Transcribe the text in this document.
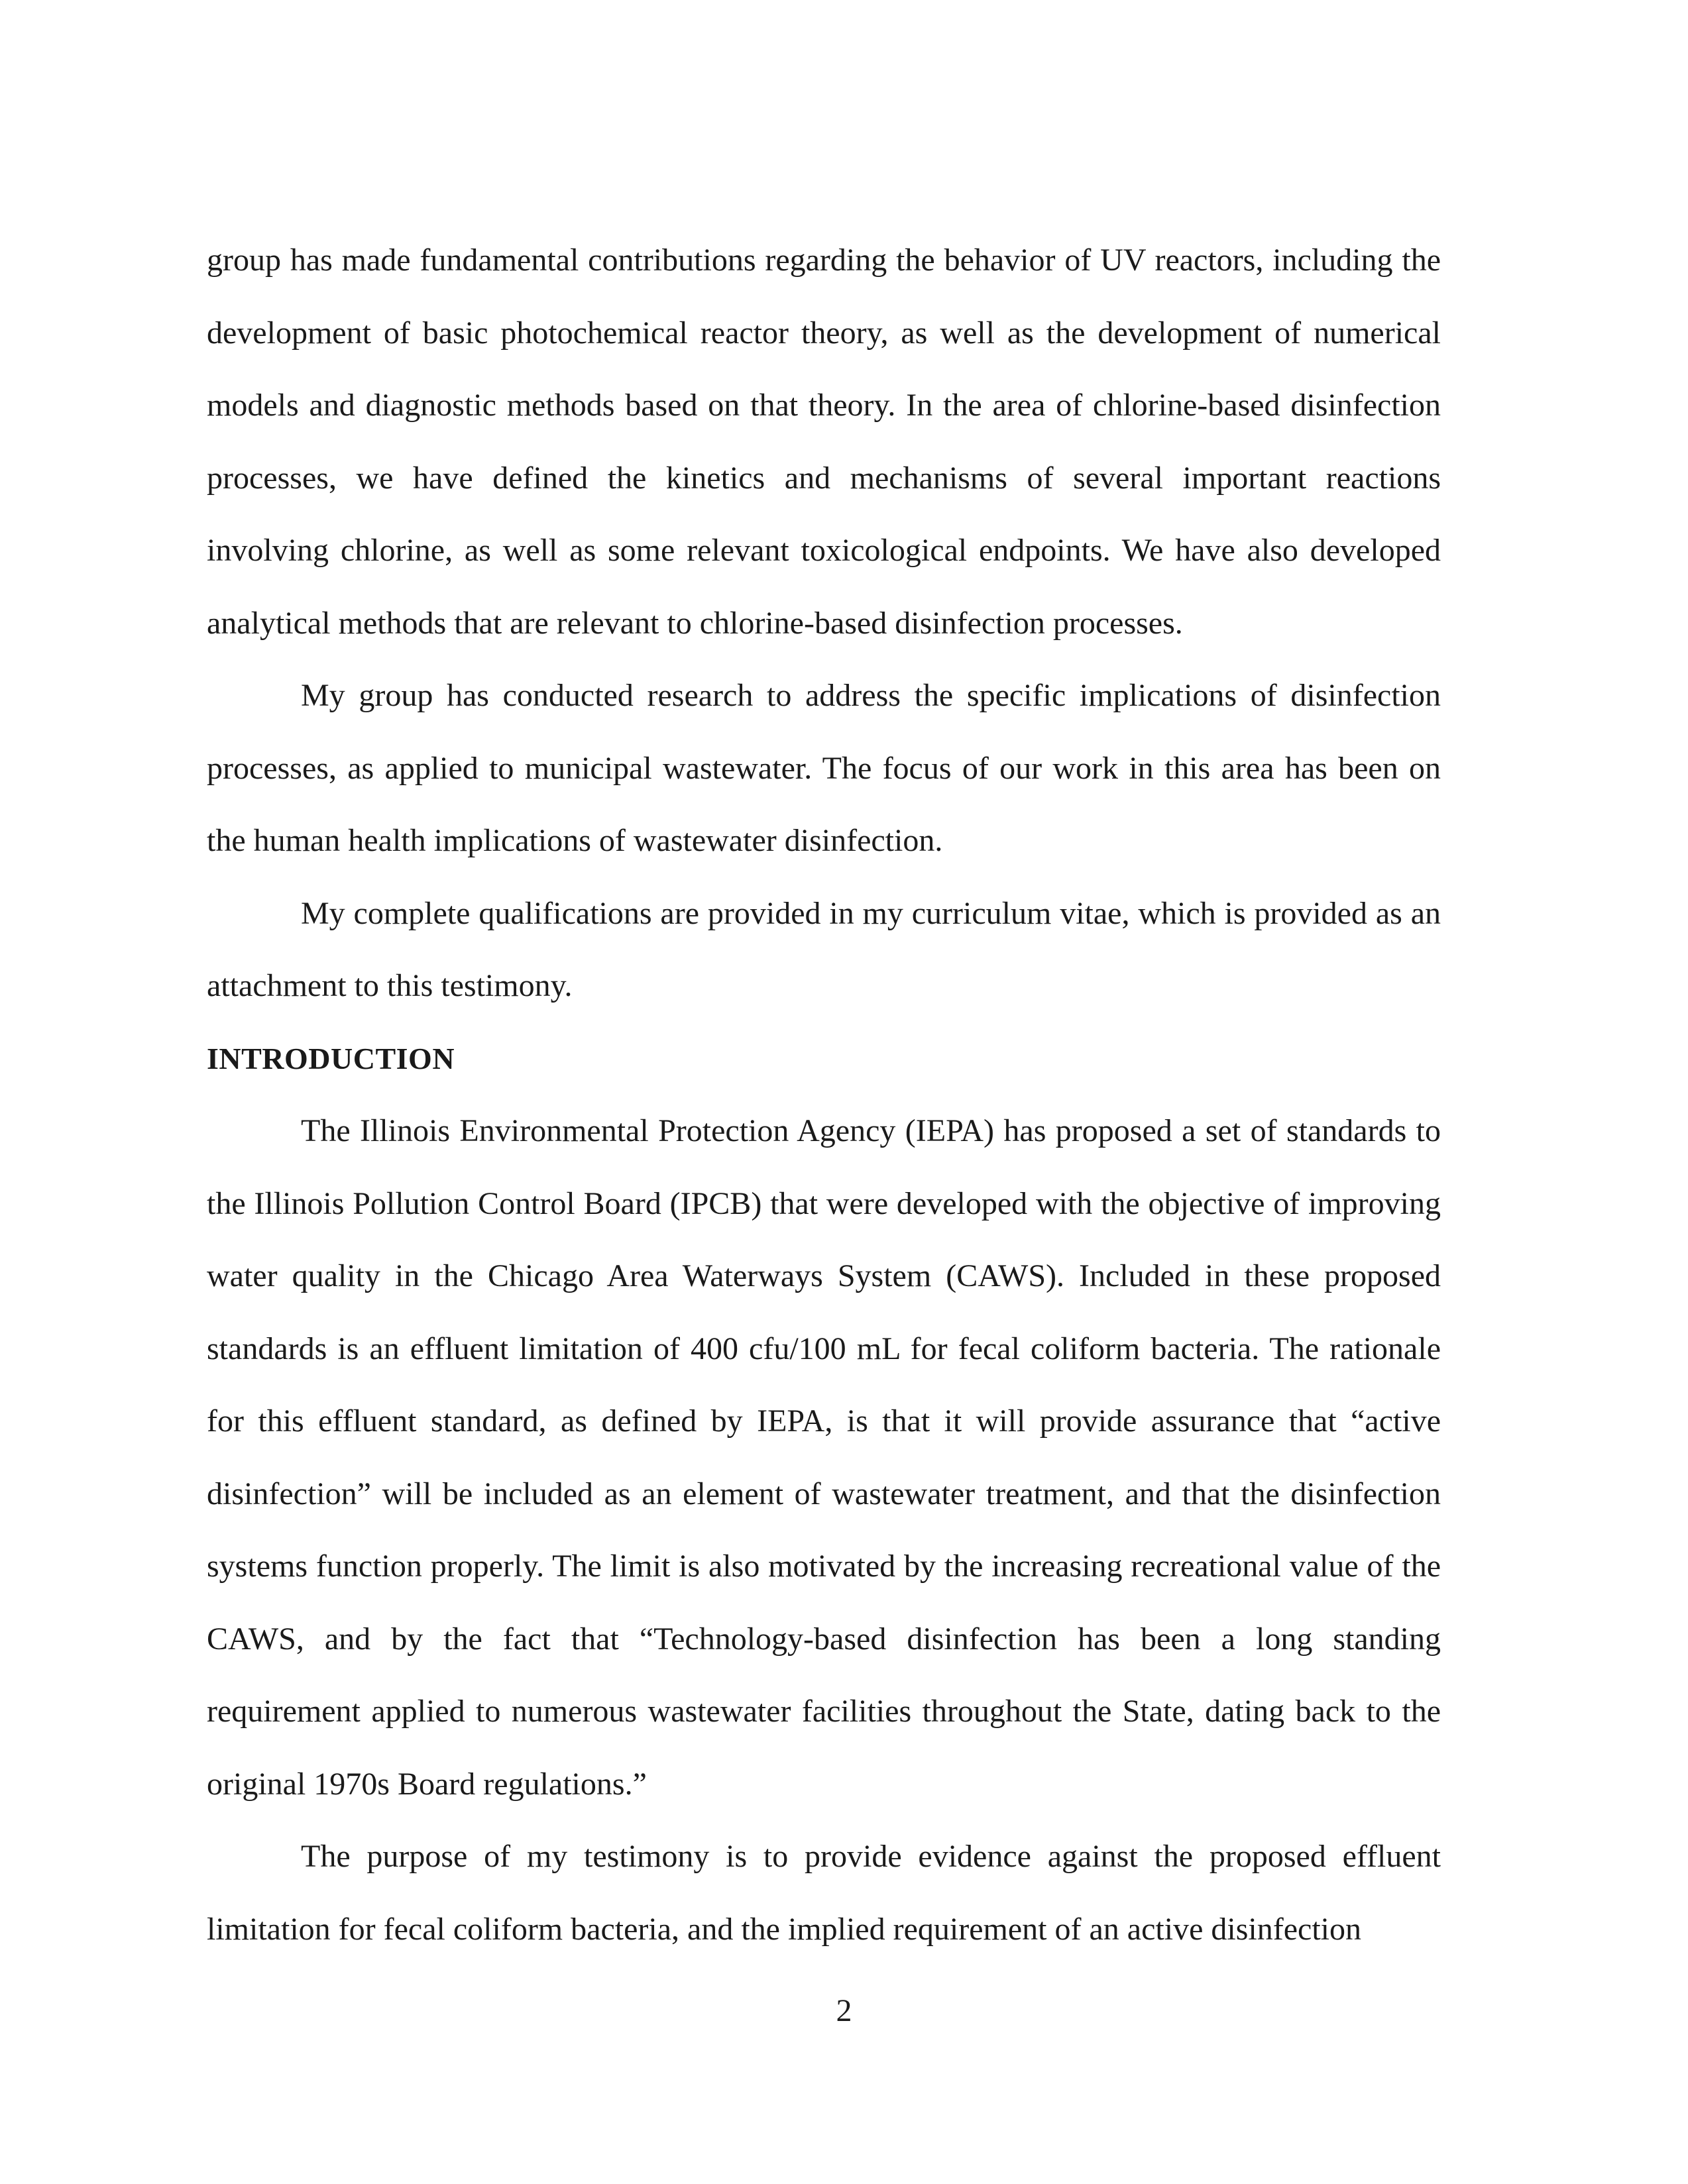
group has made fundamental contributions regarding the behavior of UV reactors, including the development of basic photochemical reactor theory, as well as the development of numerical models and diagnostic methods based on that theory. In the area of chlorine-based disinfection processes, we have defined the kinetics and mechanisms of several important reactions involving chlorine, as well as some relevant toxicological endpoints. We have also developed analytical methods that are relevant to chlorine-based disinfection processes.

My group has conducted research to address the specific implications of disinfection processes, as applied to municipal wastewater. The focus of our work in this area has been on the human health implications of wastewater disinfection.

My complete qualifications are provided in my curriculum vitae, which is provided as an attachment to this testimony.

INTRODUCTION

The Illinois Environmental Protection Agency (IEPA) has proposed a set of standards to the Illinois Pollution Control Board (IPCB) that were developed with the objective of improving water quality in the Chicago Area Waterways System (CAWS). Included in these proposed standards is an effluent limitation of 400 cfu/100 mL for fecal coliform bacteria. The rationale for this effluent standard, as defined by IEPA, is that it will provide assurance that “active disinfection” will be included as an element of wastewater treatment, and that the disinfection systems function properly. The limit is also motivated by the increasing recreational value of the CAWS, and by the fact that “Technology-based disinfection has been a long standing requirement applied to numerous wastewater facilities throughout the State, dating back to the original 1970s Board regulations.”

The purpose of my testimony is to provide evidence against the proposed effluent limitation for fecal coliform bacteria, and the implied requirement of an active disinfection

2
